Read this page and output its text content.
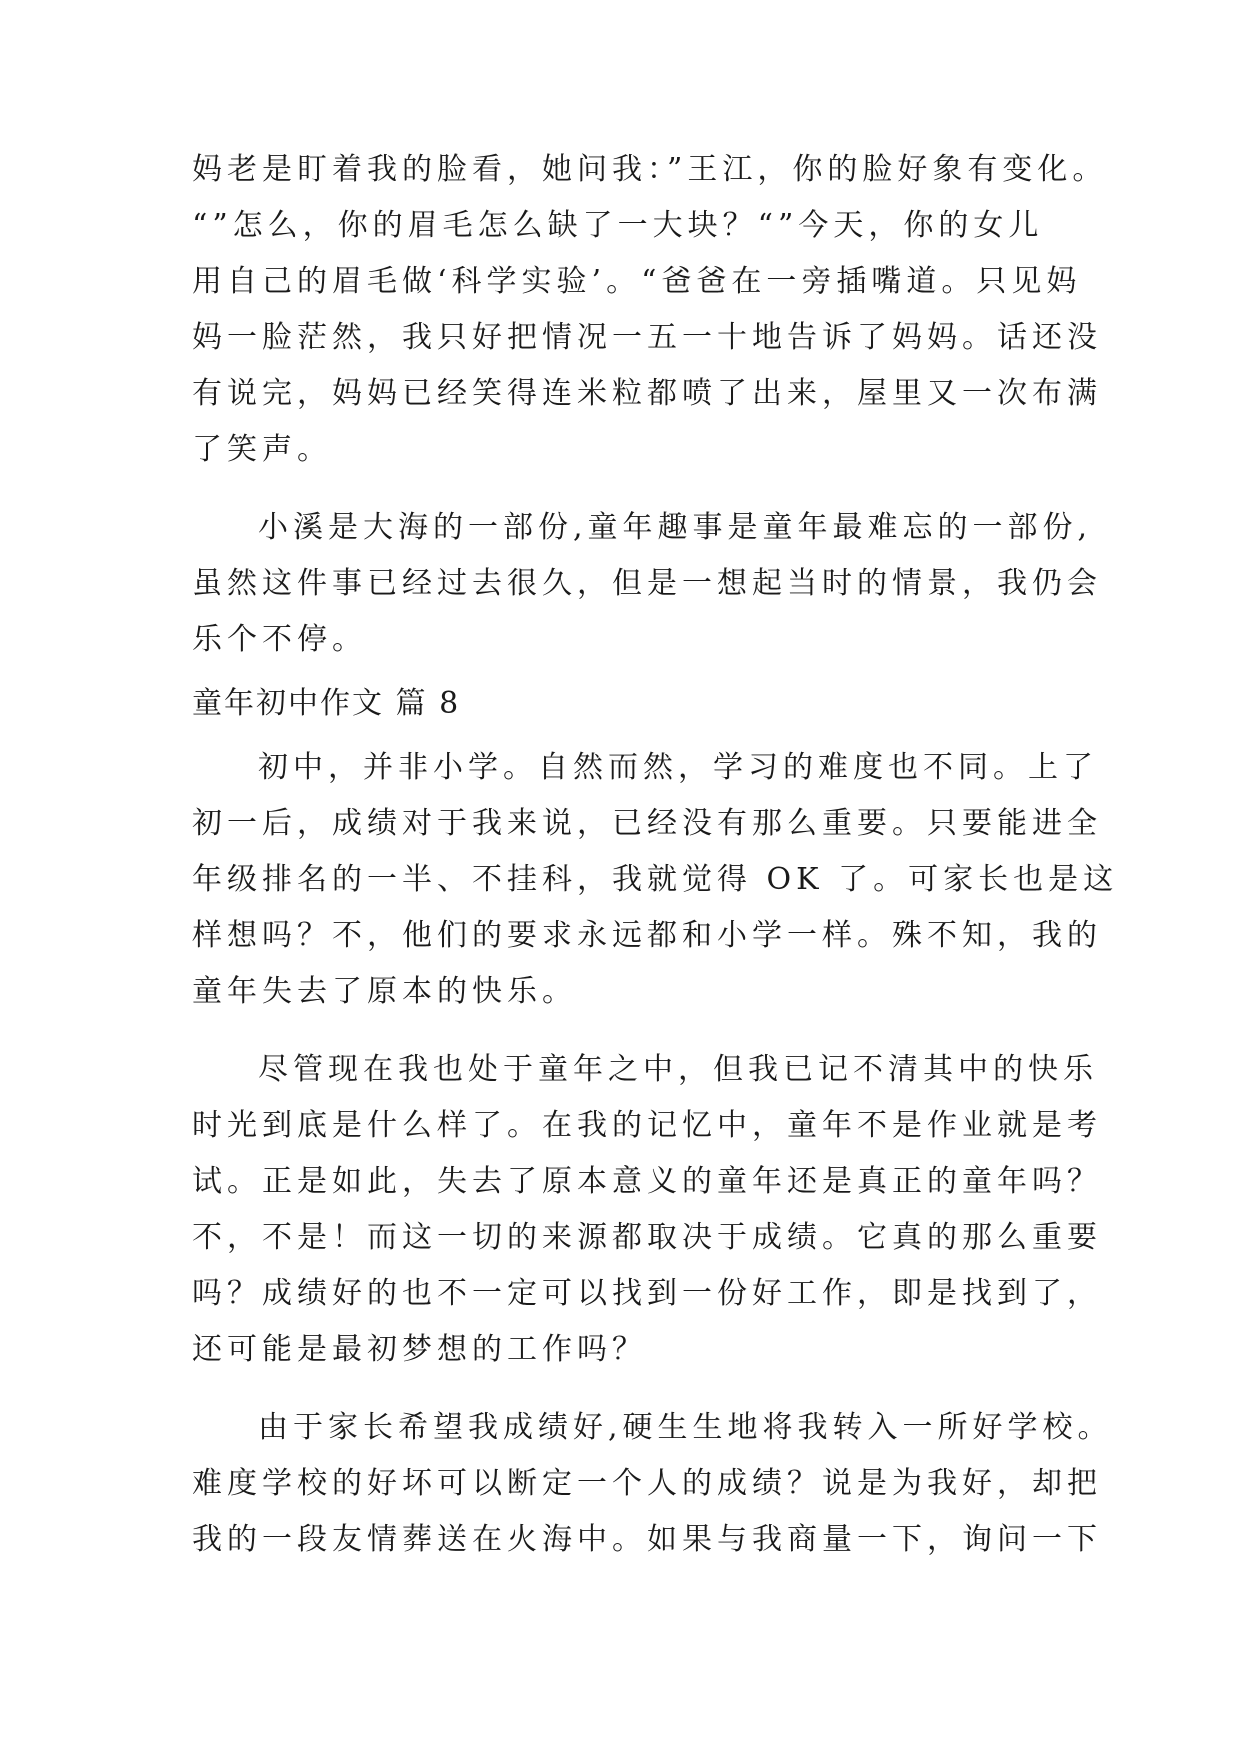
妈老是盯着我的脸看，她问我：”王江，你的脸好象有变化。
“”怎么，你的眉毛怎么缺了一大块？“”今天，你的女儿
用自己的眉毛做‘科学实验’。“爸爸在一旁插嘴道。只见妈
妈一脸茫然，我只好把情况一五一十地告诉了妈妈。话还没
有说完，妈妈已经笑得连米粒都喷了出来，屋里又一次布满
了笑声。
小溪是大海的一部份,童年趣事是童年最难忘的一部份,
虽然这件事已经过去很久，但是一想起当时的情景，我仍会
乐个不停。
童年初中作文 篇 8
初中，并非小学。自然而然，学习的难度也不同。上了
初一后，成绩对于我来说，已经没有那么重要。只要能进全
年级排名的一半、不挂科，我就觉得 OK 了。可家长也是这
样想吗？不，他们的要求永远都和小学一样。殊不知，我的
童年失去了原本的快乐。
尽管现在我也处于童年之中，但我已记不清其中的快乐
时光到底是什么样了。在我的记忆中，童年不是作业就是考
试。正是如此，失去了原本意义的童年还是真正的童年吗？
不，不是！而这一切的来源都取决于成绩。它真的那么重要
吗？成绩好的也不一定可以找到一份好工作，即是找到了，
还可能是最初梦想的工作吗？
由于家长希望我成绩好,硬生生地将我转入一所好学校。
难度学校的好坏可以断定一个人的成绩？说是为我好，却把
我的一段友情葬送在火海中。如果与我商量一下，询问一下
